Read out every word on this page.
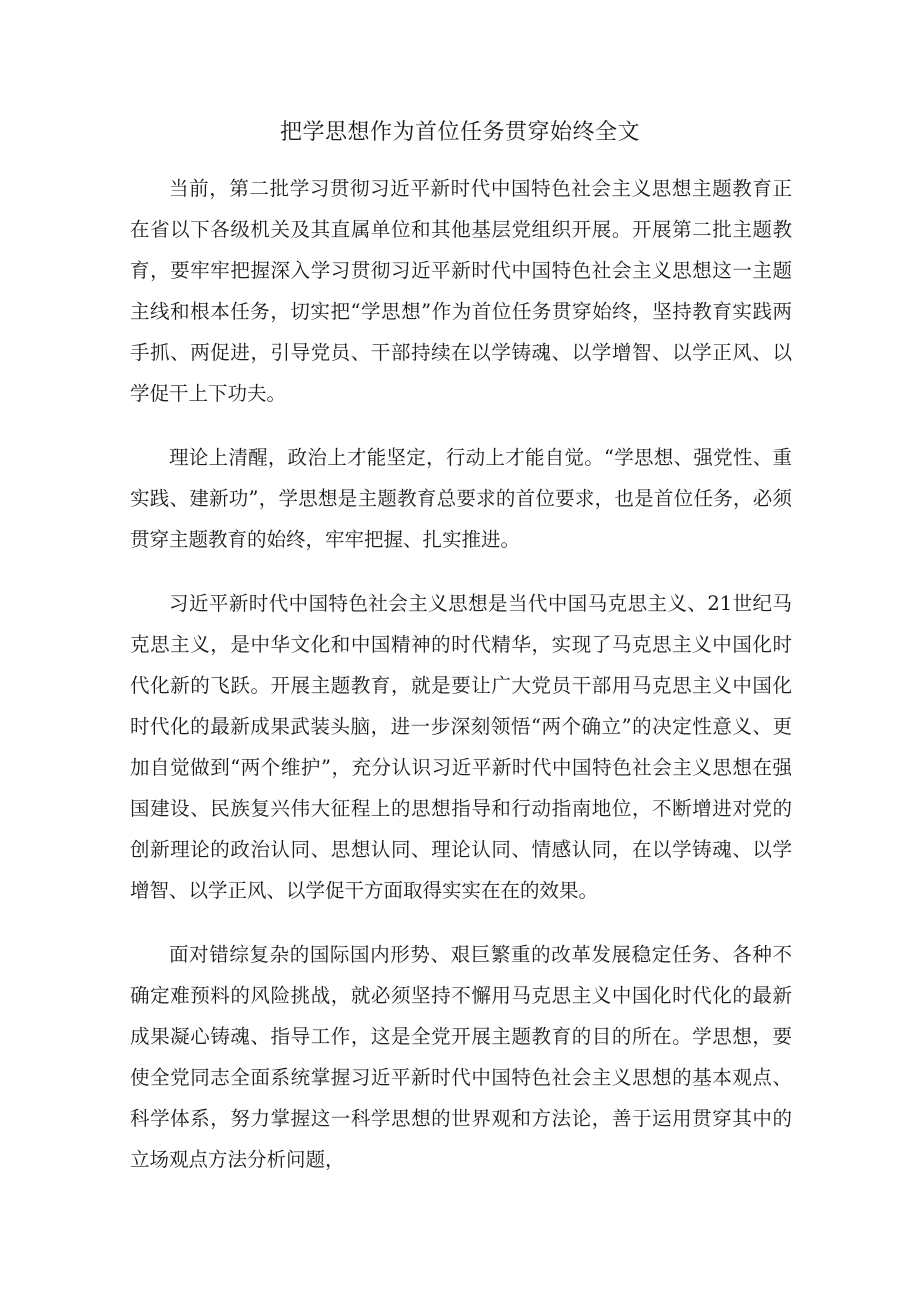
把学思想作为首位任务贯穿始终全文

当前，第二批学习贯彻习近平新时代中国特色社会主义思想主题教育正在省以下各级机关及其直属单位和其他基层党组织开展。开展第二批主题教育，要牢牢把握深入学习贯彻习近平新时代中国特色社会主义思想这一主题主线和根本任务，切实把“学思想”作为首位任务贯穿始终，坚持教育实践两手抓、两促进，引导党员、干部持续在以学铸魂、以学增智、以学正风、以学促干上下功夫。

理论上清醒，政治上才能坚定，行动上才能自觉。“学思想、强党性、重实践、建新功”，学思想是主题教育总要求的首位要求，也是首位任务，必须贯穿主题教育的始终，牢牢把握、扎实推进。

习近平新时代中国特色社会主义思想是当代中国马克思主义、21世纪马克思主义，是中华文化和中国精神的时代精华，实现了马克思主义中国化时代化新的飞跃。开展主题教育，就是要让广大党员干部用马克思主义中国化时代化的最新成果武装头脑，进一步深刻领悟“两个确立”的决定性意义、更加自觉做到“两个维护”，充分认识习近平新时代中国特色社会主义思想在强国建设、民族复兴伟大征程上的思想指导和行动指南地位，不断增进对党的创新理论的政治认同、思想认同、理论认同、情感认同，在以学铸魂、以学增智、以学正风、以学促干方面取得实实在在的效果。

面对错综复杂的国际国内形势、艰巨繁重的改革发展稳定任务、各种不确定难预料的风险挑战，就必须坚持不懈用马克思主义中国化时代化的最新成果凝心铸魂、指导工作，这是全党开展主题教育的目的所在。学思想，要使全党同志全面系统掌握习近平新时代中国特色社会主义思想的基本观点、科学体系，努力掌握这一科学思想的世界观和方法论，善于运用贯穿其中的立场观点方法分析问题，
